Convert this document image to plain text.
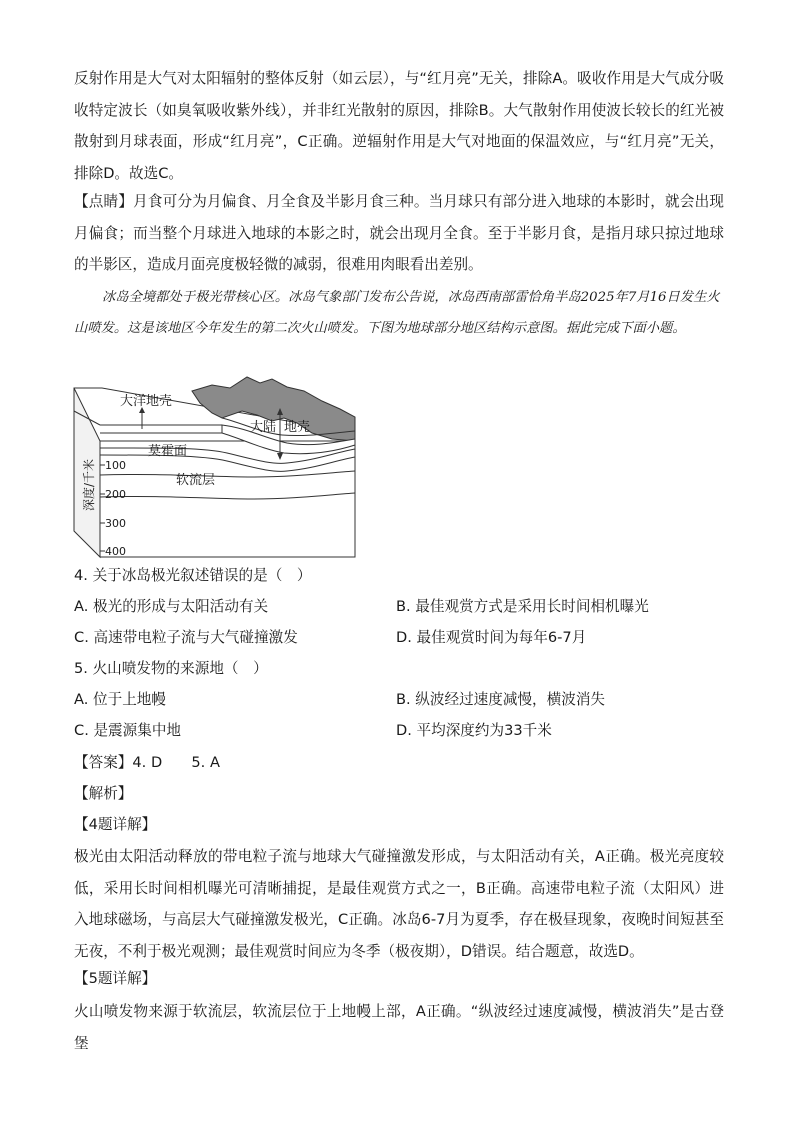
反射作用是大气对太阳辐射的整体反射（如云层），与“红月亮”无关，排除A。吸收作用是大气成分吸收特定波长（如臭氧吸收紫外线），并非红光散射的原因，排除B。大气散射作用使波长较长的红光被散射到月球表面，形成“红月亮”，C正确。逆辐射作用是大气对地面的保温效应，与“红月亮”无关，排除D。故选C。

【点睛】月食可分为月偏食、月全食及半影月食三种。当月球只有部分进入地球的本影时，就会出现月偏食；而当整个月球进入地球的本影之时，就会出现月全食。至于半影月食，是指月球只掠过地球的半影区，造成月面亮度极轻微的减弱，很难用肉眼看出差别。

冰岛全境都处于极光带核心区。冰岛气象部门发布公告说，冰岛西南部雷恰角半岛2025年7月16日发生火山喷发。这是该地区今年发生的第二次火山喷发。下图为地球部分地区结构示意图。据此完成下面小题。

大洋地壳
大陆 地壳
莫霍面
软流层
100
200
300
400
深度/千米
4. 关于冰岛极光叙述错误的是（　）
A. 极光的形成与太阳活动有关	B. 最佳观赏方式是采用长时间相机曝光
C. 高速带电粒子流与大气碰撞激发	D. 最佳观赏时间为每年6-7月
5. 火山喷发物的来源地（　）
A. 位于上地幔	B. 纵波经过速度减慢，横波消失
C. 是震源集中地	D. 平均深度约为33千米
【答案】4. D　　5. A
【解析】
【4题详解】

极光由太阳活动释放的带电粒子流与地球大气碰撞激发形成，与太阳活动有关，A正确。极光亮度较低，采用长时间相机曝光可清晰捕捉，是最佳观赏方式之一，B正确。高速带电粒子流（太阳风）进入地球磁场，与高层大气碰撞激发极光，C正确。冰岛6-7月为夏季，存在极昼现象，夜晚时间短甚至无夜，不利于极光观测；最佳观赏时间应为冬季（极夜期），D错误。结合题意，故选D。

【5题详解】

火山喷发物来源于软流层，软流层位于上地幔上部，A正确。“纵波经过速度减慢，横波消失”是古登堡
